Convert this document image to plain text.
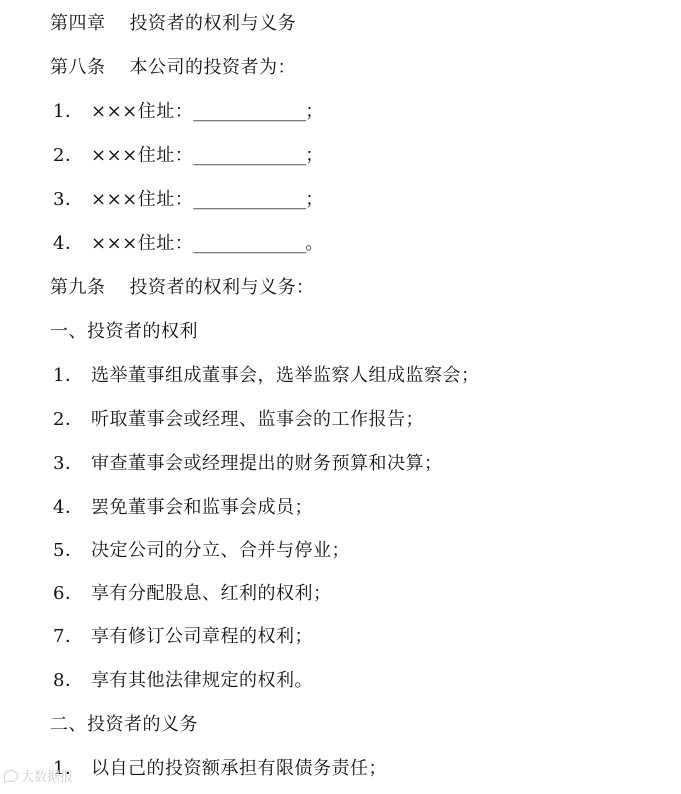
第四章 投资者的权利与义务
第八条 本公司的投资者为：
1． ×××住址：______________；
2． ×××住址：______________；
3． ×××住址：______________；
4． ×××住址：______________。
第九条 投资者的权利与义务：
一、投资者的权利
1． 选举董事组成董事会，选举监察人组成监察会；
2． 听取董事会或经理、监事会的工作报告；
3． 审查董事会或经理提出的财务预算和决算；
4． 罢免董事会和监事会成员；
5． 决定公司的分立、合并与停业；
6． 享有分配股息、红利的权利；
7． 享有修订公司章程的权利；
8． 享有其他法律规定的权利。
二、投资者的义务
1． 以自己的投资额承担有限债务责任；
大数据报
